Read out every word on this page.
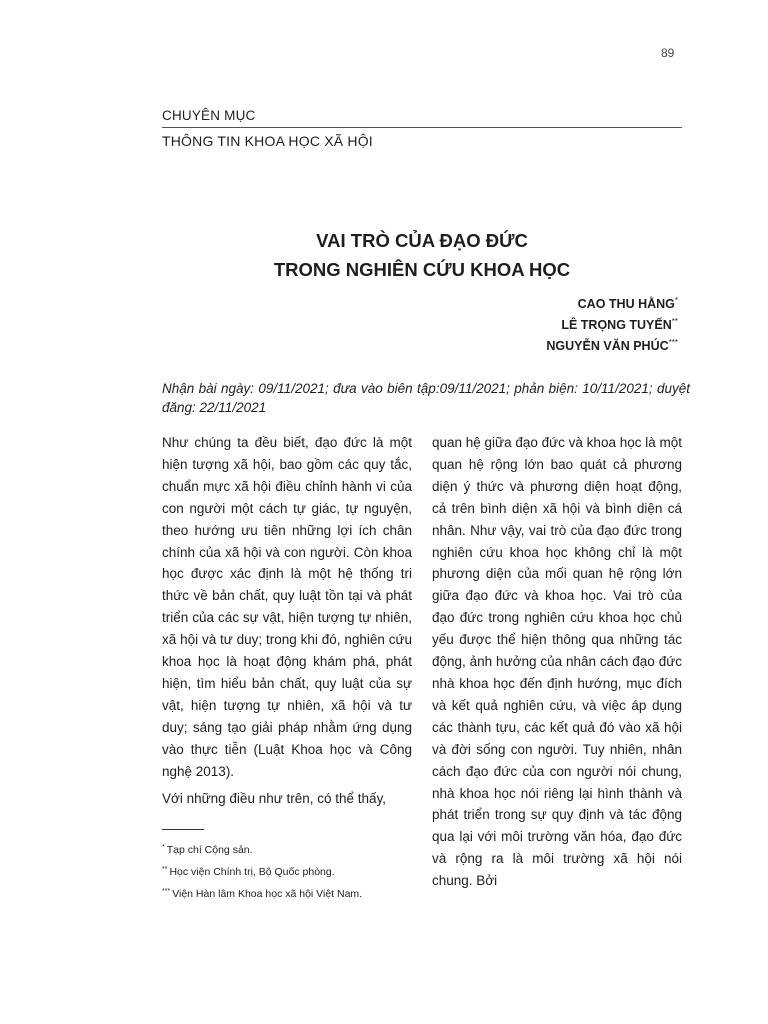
89
CHUYÊN MỤC
THÔNG TIN KHOA HỌC XÃ HỘI
VAI TRÒ CỦA ĐẠO ĐỨC
TRONG NGHIÊN CỨU KHOA HỌC
CAO THU HẰNG*
LÊ TRỌNG TUYẾN**
NGUYỄN VĂN PHÚC***
Nhận bài ngày: 09/11/2021; đưa vào biên tập:09/11/2021; phản biện: 10/11/2021; duyệt đăng: 22/11/2021

Như chúng ta đều biết, đạo đức là một hiện tượng xã hội, bao gồm các quy tắc, chuẩn mực xã hội điều chỉnh hành vi của con người một cách tự giác, tự nguyện, theo hướng ưu tiên những lợi ích chân chính của xã hội và con người. Còn khoa học được xác định là một hệ thống tri thức về bản chất, quy luật tồn tại và phát triển của các sự vật, hiện tượng tự nhiên, xã hội và tư duy; trong khi đó, nghiên cứu khoa học là hoạt động khám phá, phát hiện, tìm hiểu bản chất, quy luật của sự vật, hiện tượng tự nhiên, xã hội và tư duy; sáng tạo giải pháp nhằm ứng dụng vào thực tiễn (Luật Khoa học và Công nghệ 2013).

Với những điều như trên, có thể thấy,

quan hệ giữa đạo đức và khoa học là một quan hệ rộng lớn bao quát cả phương diện ý thức và phương diện hoạt động, cả trên bình diện xã hội và bình diện cá nhân. Như vậy, vai trò của đạo đức trong nghiên cứu khoa học không chỉ là một phương diện của mối quan hệ rộng lớn giữa đạo đức và khoa học. Vai trò của đạo đức trong nghiên cứu khoa học chủ yếu được thể hiện thông qua những tác động, ảnh hưởng của nhân cách đạo đức nhà khoa học đến định hướng, mục đích và kết quả nghiên cứu, và việc áp dụng các thành tựu, các kết quả đó vào xã hội và đời sống con người. Tuy nhiên, nhân cách đạo đức của con người nói chung, nhà khoa học nói riêng lại hình thành và phát triển trong sự quy định và tác động qua lại với môi trường văn hóa, đạo đức và rộng ra là môi trường xã hội nói chung. Bởi

* Tạp chí Cộng sản.
** Học viện Chính trị, Bộ Quốc phòng.
*** Viện Hàn lâm Khoa học xã hội Việt Nam.
